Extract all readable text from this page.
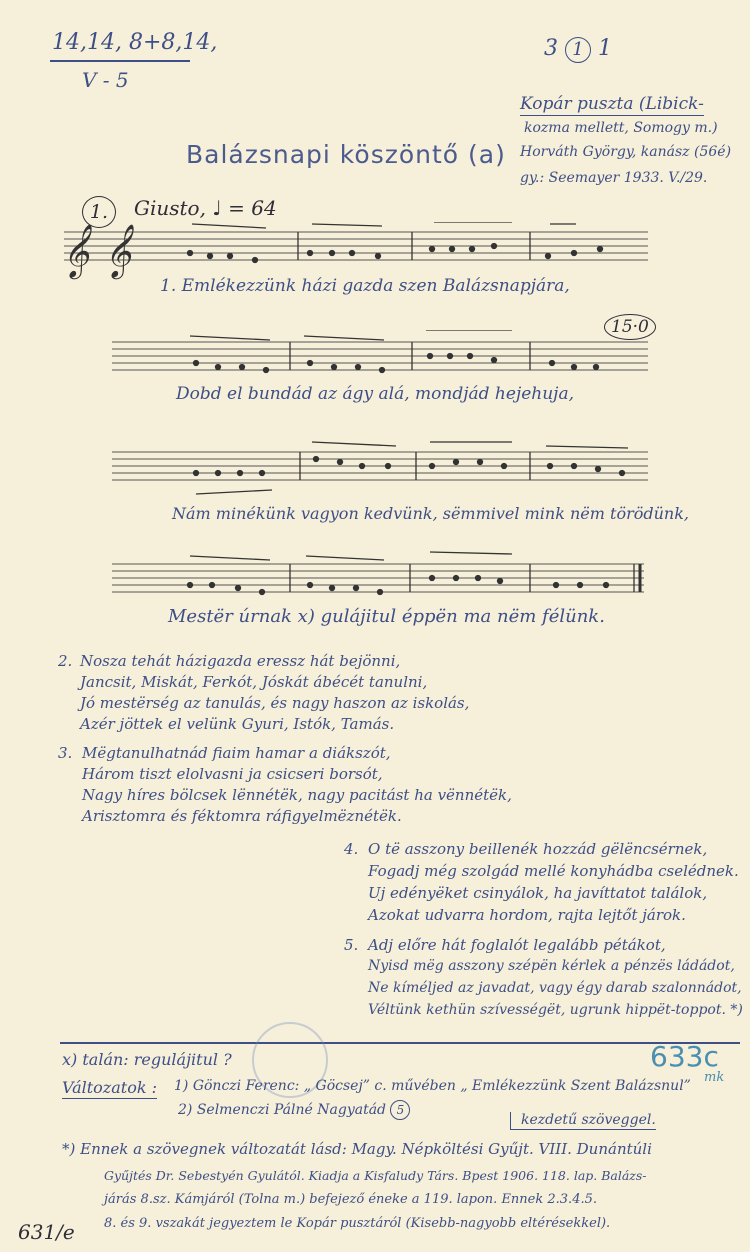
14,14, 8+8,14,
V - 5
3 1 1
Kopár puszta (Libick-
kozma mellett, Somogy m.)
Horváth György, kanász (56é)
gy.: Seemayer 1933. V./29.
Balázsnapi köszöntő (a)
1.	Giusto, ♩ = 64
𝄞 𝄞
1. Emlékezzünk házi gazda szen Balázsnapjára,
15·0
Dobd el bundád az ágy alá, mondjád hejehuja,
Nám minékünk vagyon kedvünk, sëmmivel mink nëm törödünk,
Mestër úrnak x) gulájitul éppën ma nëm félünk.
2. Nosza tehát házigazda eressz hát bejönni,
Jancsit, Miskát, Ferkót, Jóskát ábécét tanulni,
Jó mestërség az tanulás, és nagy haszon az iskolás,
Azér jöttek el velünk Gyuri, Istók, Tamás.
3. Mëgtanulhatnád fiaim hamar a diákszót,
Három tiszt elolvasni ja csicseri borsót,
Nagy híres bölcsek lënnétëk, nagy pacitást ha vënnétëk,
Arisztomra és féktomra ráfigyelmëznétëk.
4. O të asszony beillenék hozzád gëlëncsérnek,
Fogadj még szolgád mellé konyhádba cselédnek.
Uj edényëket csinyálok, ha javíttatot találok,
Azokat udvarra hordom, rajta lejtőt járok.
5. Adj előre hát foglalót legalább pétákot,
Nyisd mëg asszony szépën kérlek a pénzës ládádot,
Ne kíméljed az javadat, vagy égy darab szalonnádot,
Véltünk kethün szívességët, ugrunk hippët-toppot. *)
x) talán: regulájitul ?	633c
mk
Változatok : 1) Gönczi Ferenc: „ Göcsej” c. művében „ Emlékezzünk Szent Balázsnul”
2) Selmenczi Pálné Nagyatád 5
kezdetű szöveggel.
*) Ennek a szövegnek változatát lásd: Magy. Népköltési Gyűjt. VIII. Dunántúli
Gyűjtés Dr. Sebestyén Gyulától. Kiadja a Kisfaludy Társ. Bpest 1906. 118. lap. Balázs-
járás 8.sz. Kámjáról (Tolna m.) befejező éneke a 119. lapon. Ennek 2.3.4.5.
8. és 9. vszakát jegyeztem le Kopár pusztáról (Kisebb-nagyobb eltérésekkel).
631/e
